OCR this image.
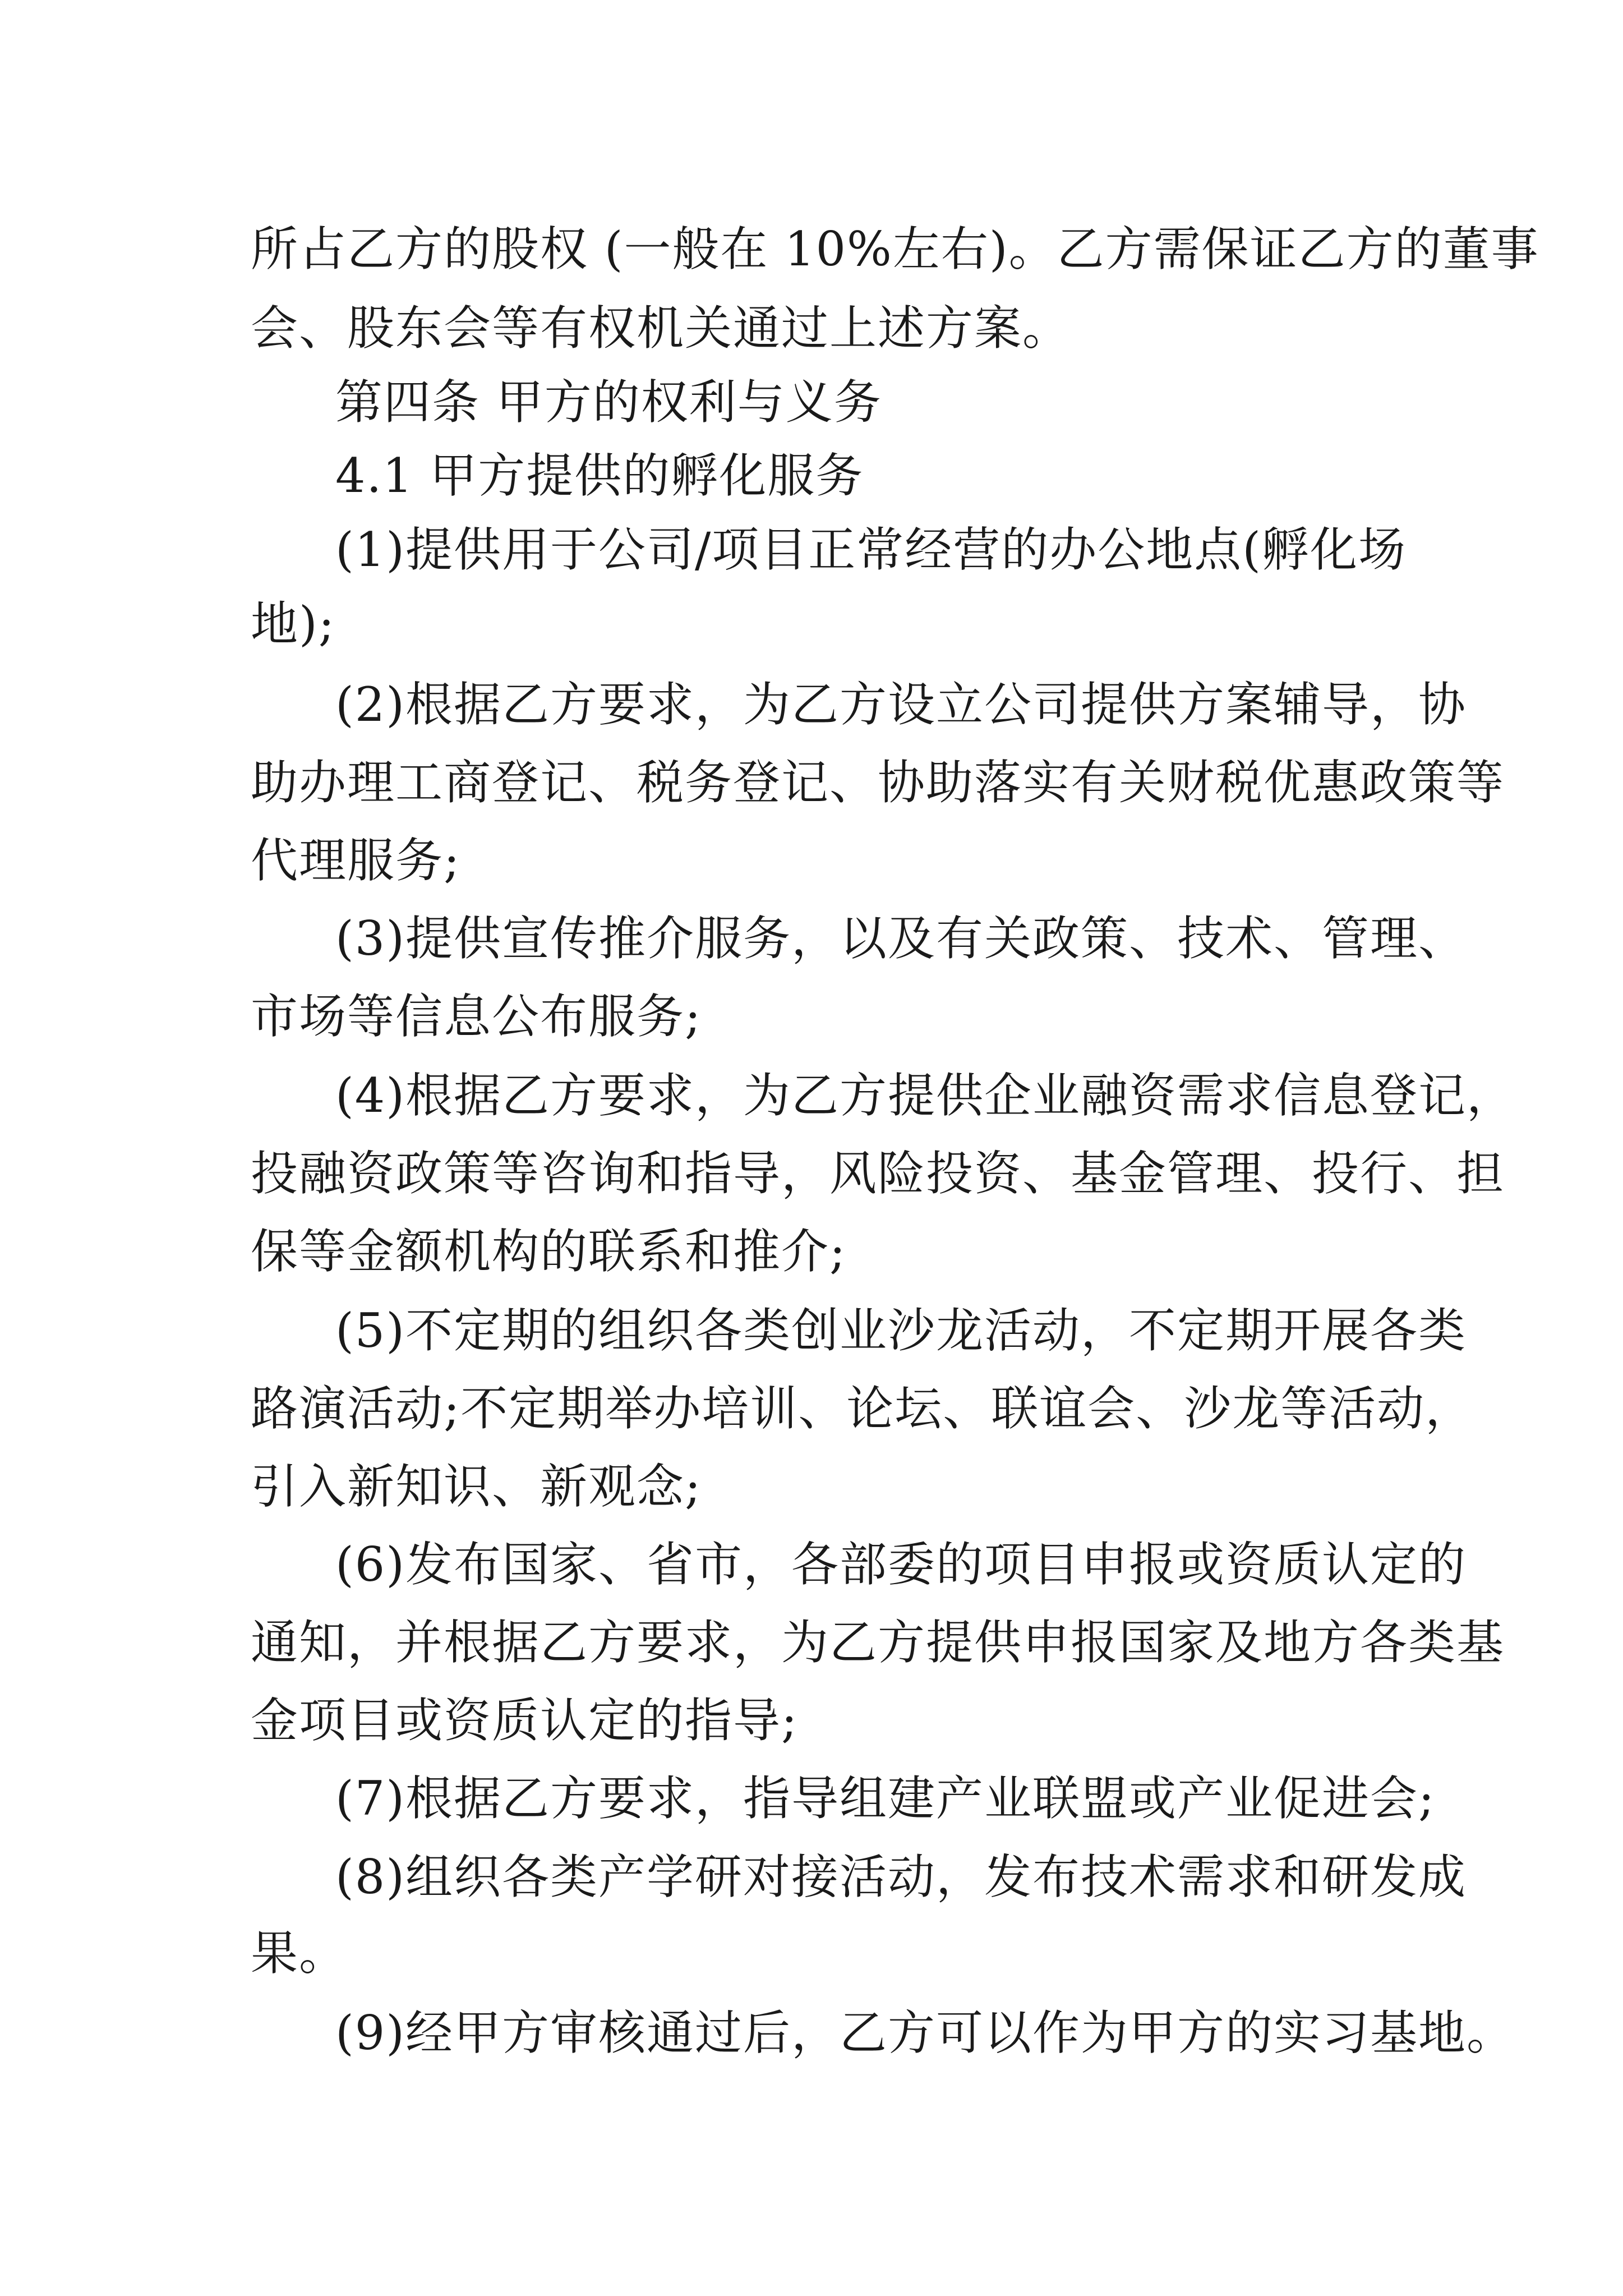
所占乙方的股权 (一般在 10%左右)。乙方需保证乙方的董事

会、股东会等有权机关通过上述方案。

第四条 甲方的权利与义务

4.1 甲方提供的孵化服务

(1)提供用于公司/项目正常经营的办公地点(孵化场

地);

(2)根据乙方要求，为乙方设立公司提供方案辅导，协

助办理工商登记、税务登记、协助落实有关财税优惠政策等

代理服务;

(3)提供宣传推介服务，以及有关政策、技术、管理、

市场等信息公布服务;

(4)根据乙方要求，为乙方提供企业融资需求信息登记，

投融资政策等咨询和指导，风险投资、基金管理、投行、担

保等金额机构的联系和推介;

(5)不定期的组织各类创业沙龙活动，不定期开展各类

路演活动;不定期举办培训、论坛、联谊会、沙龙等活动，

引入新知识、新观念;

(6)发布国家、省市，各部委的项目申报或资质认定的

通知，并根据乙方要求，为乙方提供申报国家及地方各类基

金项目或资质认定的指导;

(7)根据乙方要求，指导组建产业联盟或产业促进会;

(8)组织各类产学研对接活动，发布技术需求和研发成

果。

(9)经甲方审核通过后，乙方可以作为甲方的实习基地。
